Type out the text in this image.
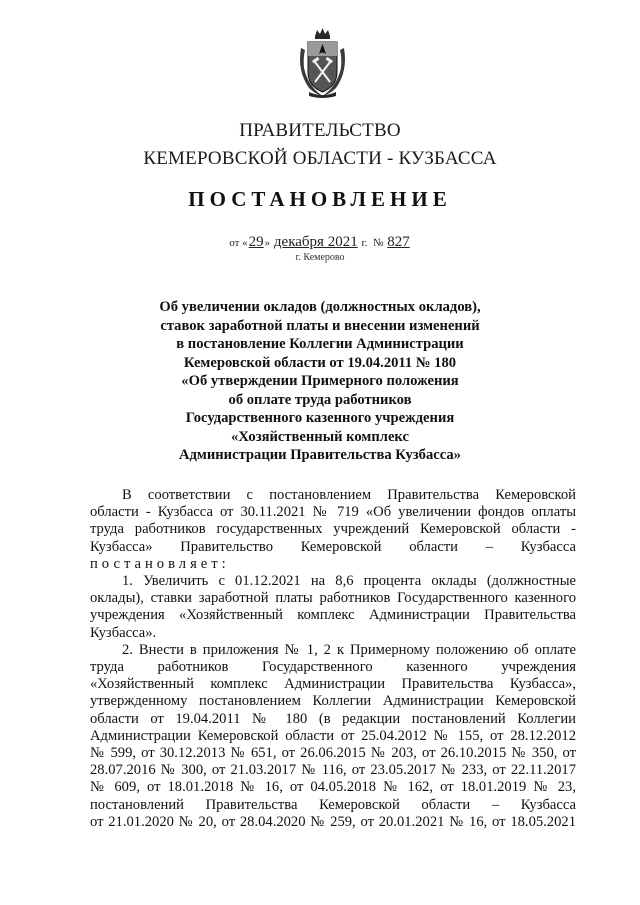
ПРАВИТЕЛЬСТВО
КЕМЕРОВСКОЙ ОБЛАСТИ - КУЗБАССА
ПОСТАНОВЛЕНИЕ
от «29» декабря 2021 г. № 827
г. Кемерово
Об увеличении окладов (должностных окладов),
ставок заработной платы и внесении изменений
в постановление Коллегии Администрации
Кемеровской области от 19.04.2011 № 180
«Об утверждении Примерного положения
об оплате труда работников
Государственного казенного учреждения
«Хозяйственный комплекс
Администрации Правительства Кузбасса»
В соответствии с постановлением Правительства Кемеровской
области - Кузбасса от 30.11.2021 № 719 «Об увеличении фондов оплаты
труда работников государственных учреждений Кемеровской области -
Кузбасса» Правительство Кемеровской области – Кузбасса
постановляет:
1. Увеличить с 01.12.2021 на 8,6 процента оклады (должностные
оклады), ставки заработной платы работников Государственного казенного
учреждения «Хозяйственный комплекс Администрации Правительства
Кузбасса».
2. Внести в приложения № 1, 2 к Примерному положению об оплате
труда работников Государственного казенного учреждения
«Хозяйственный комплекс Администрации Правительства Кузбасса»,
утвержденному постановлением Коллегии Администрации Кемеровской
области от 19.04.2011 № 180 (в редакции постановлений Коллегии
Администрации Кемеровской области от 25.04.2012 № 155, от 28.12.2012
№ 599, от 30.12.2013 № 651, от 26.06.2015 № 203, от 26.10.2015 № 350, от
28.07.2016 № 300, от 21.03.2017 № 116, от 23.05.2017 № 233, от 22.11.2017
№ 609, от 18.01.2018 № 16, от 04.05.2018 № 162, от 18.01.2019 № 23,
постановлений Правительства Кемеровской области – Кузбасса
от 21.01.2020 № 20, от 28.04.2020 № 259, от 20.01.2021 № 16, от 18.05.2021
